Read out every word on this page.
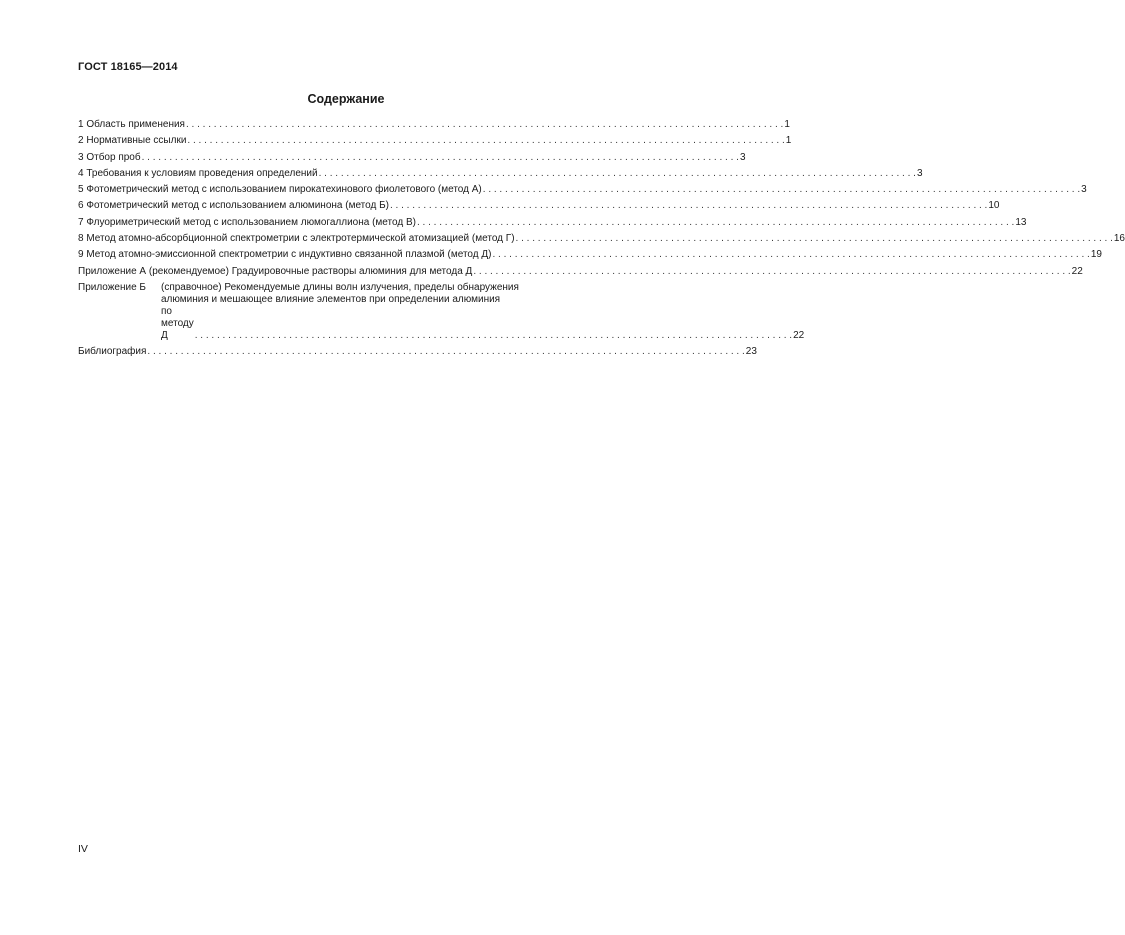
ГОСТ 18165—2014
Содержание
1 Область применения . . .	1
2 Нормативные ссылки . . .	1
3 Отбор проб . . .	3
4 Требования к условиям проведения определений . . .	3
5 Фотометрический метод с использованием пирокатехинового фиолетового (метод А) . . .	3
6 Фотометрический метод с использованием алюминона (метод Б) . . .	10
7 Флуориметрический метод с использованием люмогаллиона (метод В) . . .	13
8 Метод атомно-абсорбционной спектрометрии с электротермической атомизацией (метод Г) . . .	16
9 Метод атомно-эмиссионной спектрометрии с индуктивно связанной плазмой (метод Д) . . .	19
Приложение А (рекомендуемое) Градуировочные растворы алюминия для метода Д . . .	22
Приложение Б	(справочное) Рекомендуемые длины волн излучения, пределы обнаружения
алюминия и мешающее влияние элементов при определении алюминия
по методу Д . . .	22
Библиография . . .	23
IV
